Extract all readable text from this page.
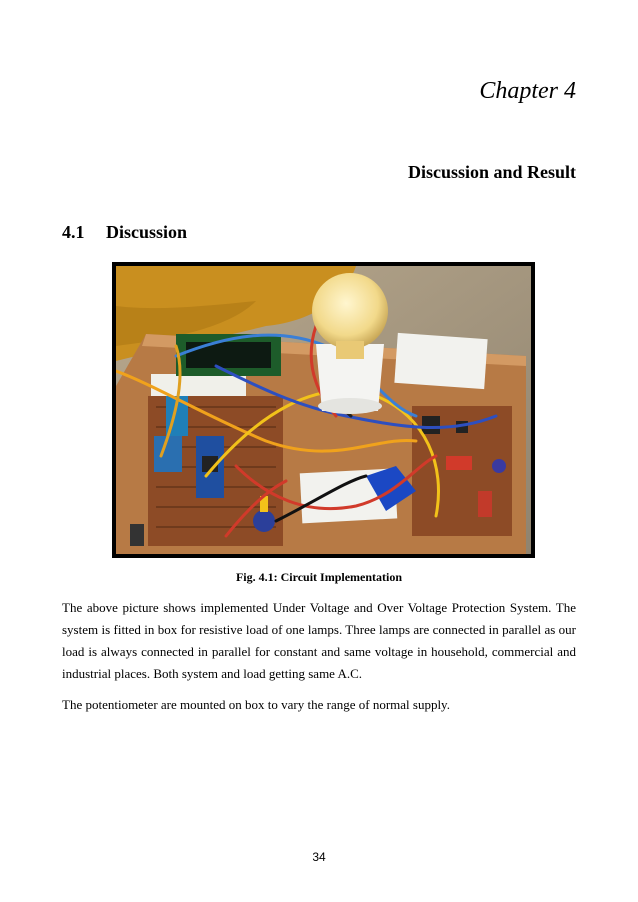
Chapter 4
Discussion and Result
4.1 Discussion
Fig. 4.1: Circuit Implementation

The above picture shows implemented Under Voltage and Over Voltage Protection System. The system is fitted in box for resistive load of one lamps. Three lamps are connected in parallel as our load is always connected in parallel for constant and same voltage in household, commercial and industrial places. Both system and load getting same A.C.

The potentiometer are mounted on box to vary the range of normal supply.

34
